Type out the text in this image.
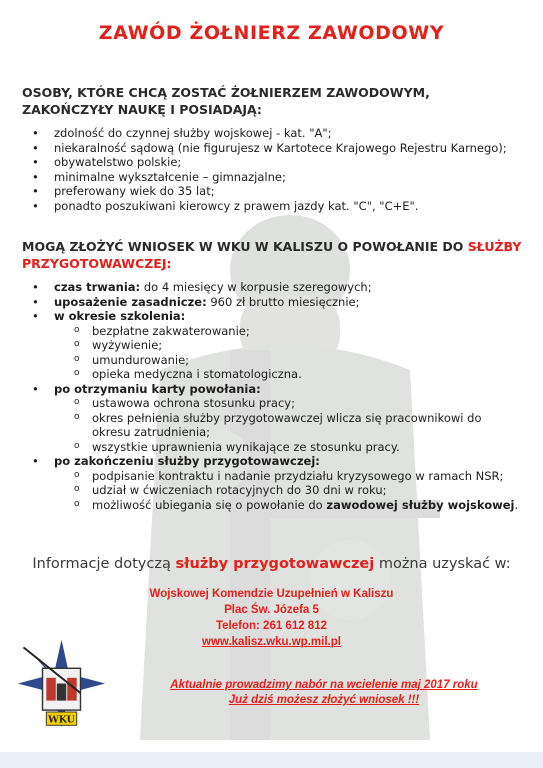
ZAWÓD ŻOŁNIERZ ZAWODOWY
OSOBY, KTÓRE CHCĄ ZOSTAĆ ŻOŁNIERZEM ZAWODOWYM, ZAKOŃCZYŁY NAUKĘ I POSIADAJĄ:
• zdolność do czynnej służby wojskowej - kat. "A";
• niekaralność sądową (nie figurujesz w Kartotece Krajowego Rejestru Karnego);
• obywatelstwo polskie;
• minimalne wykształcenie – gimnazjalne;
• preferowany wiek do 35 lat;
• ponadto poszukiwani kierowcy z prawem jazdy kat. "C", "C+E".
MOGĄ ZŁOŻYĆ WNIOSEK W WKU W KALISZU O POWOŁANIE DO SŁUŻBY PRZYGOTOWAWCZEJ:
• czas trwania: do 4 miesięcy w korpusie szeregowych;
• uposażenie zasadnicze: 960 zł brutto miesięcznie;
• w okresie szkolenia:
o bezpłatne zakwaterowanie;
o wyżywienie;
o umundurowanie;
o opieka medyczna i stomatologiczna.
• po otrzymaniu karty powołania:
o ustawowa ochrona stosunku pracy;
o okres pełnienia służby przygotowawczej wlicza się pracownikowi do okresu zatrudnienia;
o wszystkie uprawnienia wynikające ze stosunku pracy.
• po zakończeniu służby przygotowawczej:
o podpisanie kontraktu i nadanie przydziału kryzysowego w ramach NSR;
o udział w ćwiczeniach rotacyjnych do 30 dni w roku;
o możliwość ubiegania się o powołanie do zawodowej służby wojskowej.
Informacje dotyczą służby przygotowawczej można uzyskać w:
Wojskowej Komendzie Uzupełnień w Kaliszu
Plac Św. Józefa 5
Telefon: 261 612 812
www.kalisz.wku.wp.mil.pl
WKU
Aktualnie prowadzimy nabór na wcielenie maj 2017 roku
Już dziś możesz złożyć wniosek !!!
